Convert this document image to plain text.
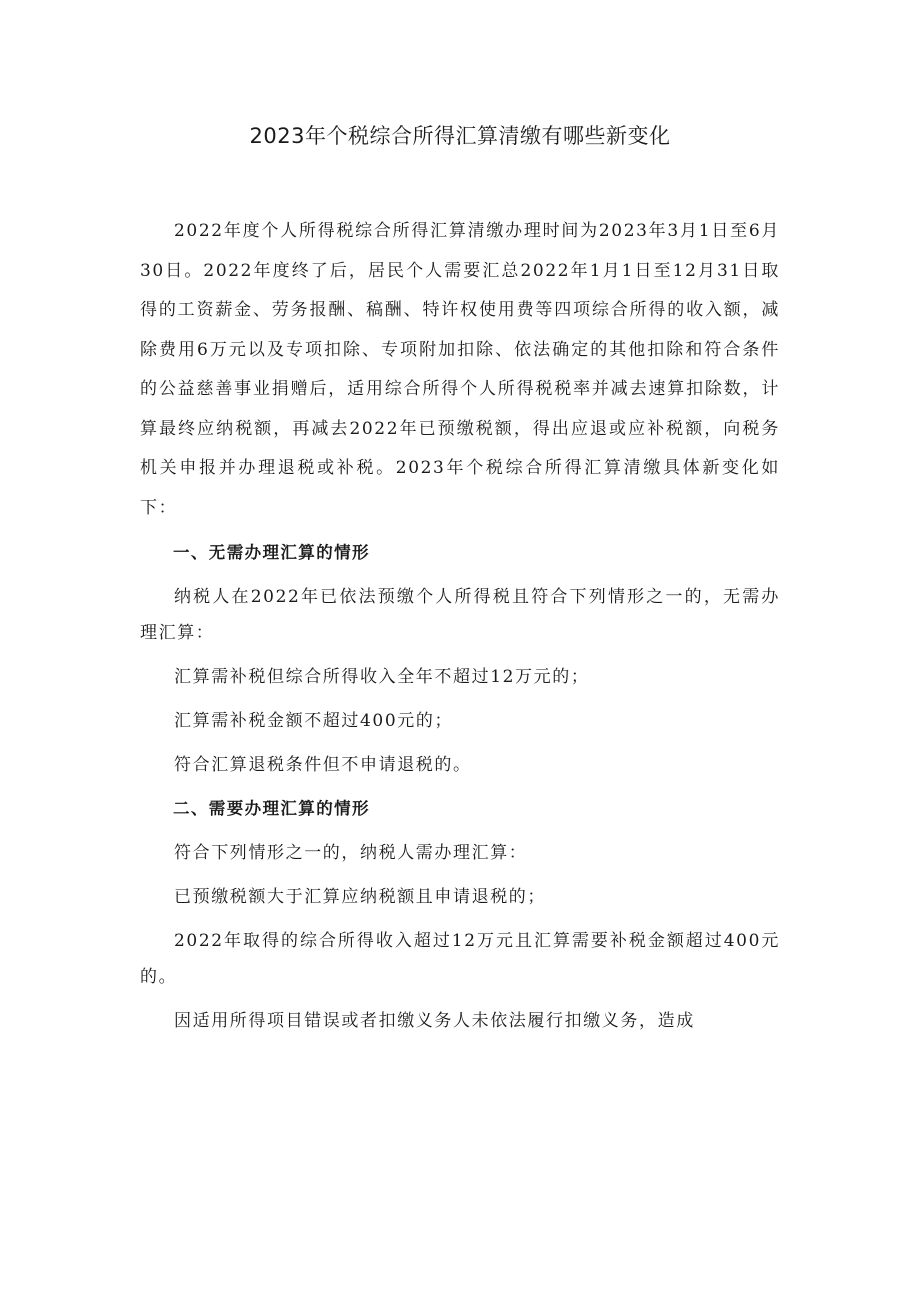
2023年个税综合所得汇算清缴有哪些新变化

2022年度个人所得税综合所得汇算清缴办理时间为2023年3月1日至6月30日。2022年度终了后，居民个人需要汇总2022年1月1日至12月31日取得的工资薪金、劳务报酬、稿酬、特许权使用费等四项综合所得的收入额，减除费用6万元以及专项扣除、专项附加扣除、依法确定的其他扣除和符合条件的公益慈善事业捐赠后，适用综合所得个人所得税税率并减去速算扣除数，计算最终应纳税额，再减去2022年已预缴税额，得出应退或应补税额，向税务机关申报并办理退税或补税。2023年个税综合所得汇算清缴具体新变化如下：

一、无需办理汇算的情形

纳税人在2022年已依法预缴个人所得税且符合下列情形之一的，无需办理汇算：

汇算需补税但综合所得收入全年不超过12万元的；

汇算需补税金额不超过400元的；

符合汇算退税条件但不申请退税的。

二、需要办理汇算的情形

符合下列情形之一的，纳税人需办理汇算：

已预缴税额大于汇算应纳税额且申请退税的；

2022年取得的综合所得收入超过12万元且汇算需要补税金额超过400元的。

因适用所得项目错误或者扣缴义务人未依法履行扣缴义务，造成
